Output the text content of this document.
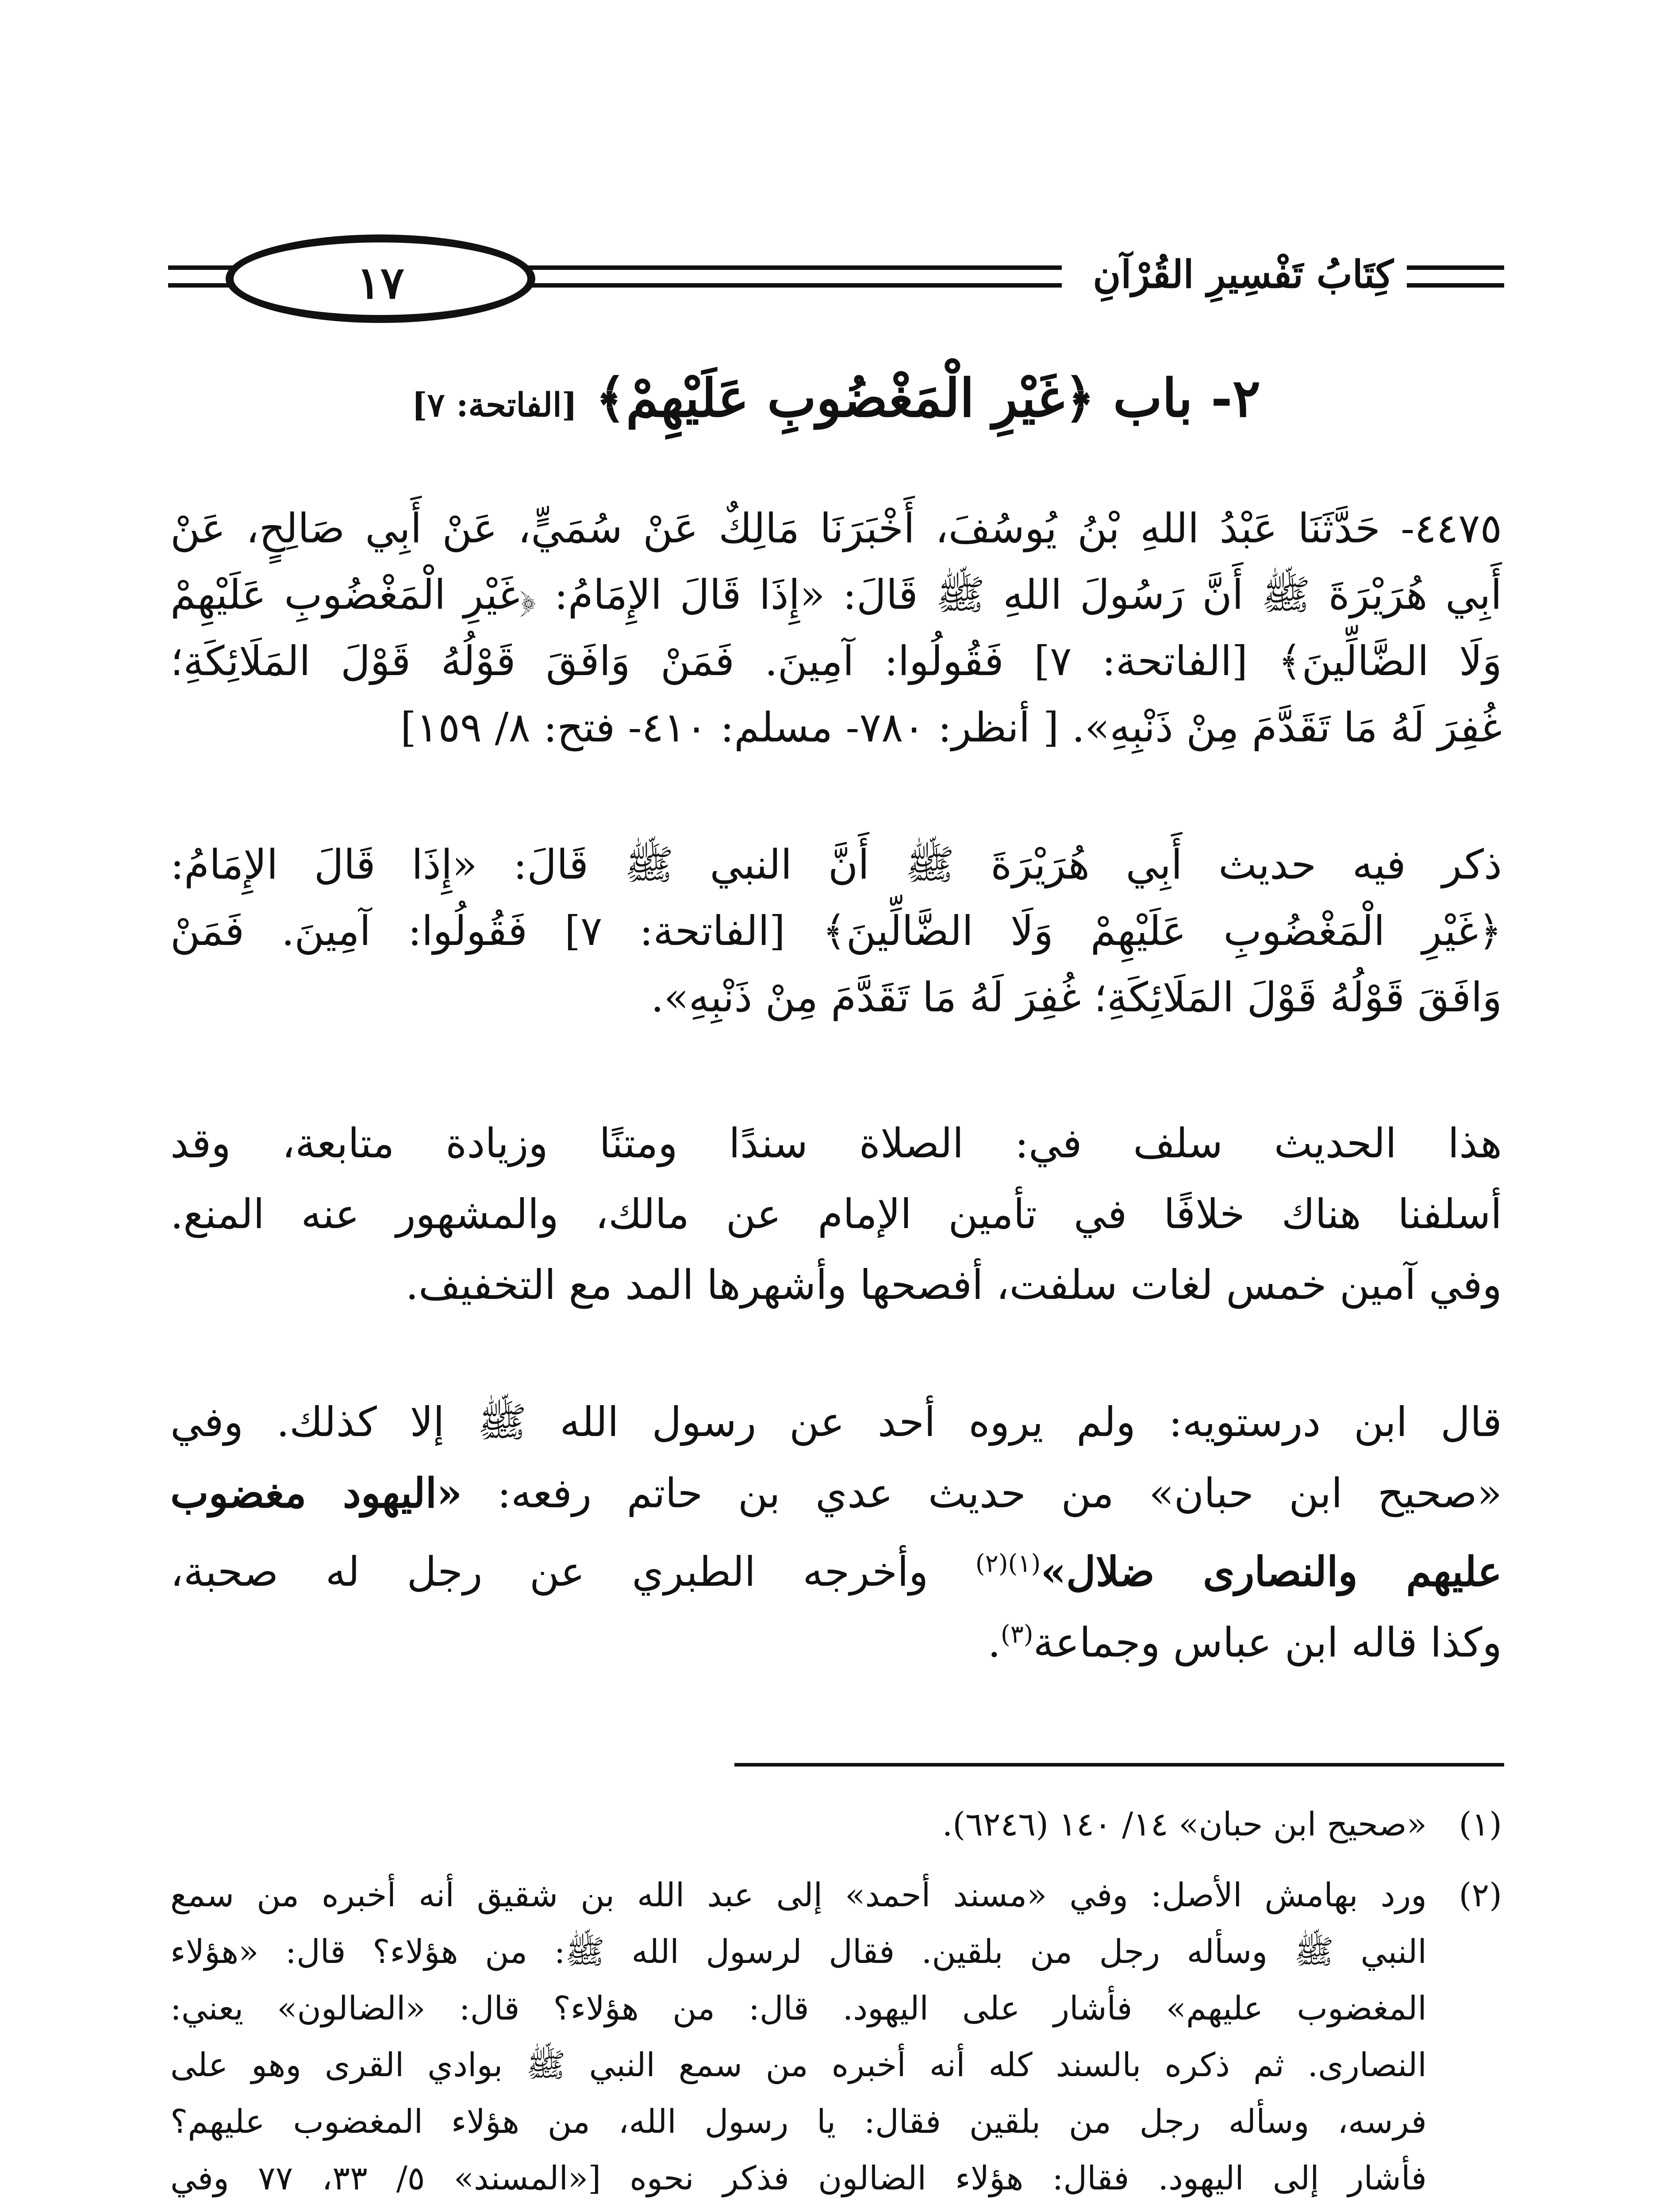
كِتَابُ تَفْسِيرِ القُرْآنِ
١٧
٢- باب ﴿غَيْرِ الْمَغْضُوبِ عَلَيْهِمْ﴾ [الفاتحة: ٧]
٤٤٧٥- حَدَّثَنَا عَبْدُ اللهِ بْنُ يُوسُفَ، أَخْبَرَنَا مَالِكٌ عَنْ سُمَيٍّ، عَنْ أَبِي صَالِحٍ، عَنْ
أَبِي هُرَيْرَةَ ﷺ أَنَّ رَسُولَ اللهِ ﷺ قَالَ: «إِذَا قَالَ الإِمَامُ: ﴿غَيْرِ الْمَغْضُوبِ عَلَيْهِمْ
وَلَا الضَّالِّينَ﴾ [الفاتحة: ٧] فَقُولُوا: آمِينَ. فَمَنْ وَافَقَ قَوْلُهُ قَوْلَ المَلَائِكَةِ؛
غُفِرَ لَهُ مَا تَقَدَّمَ مِنْ ذَنْبِهِ». [ أنظر: ٧٨٠- مسلم: ٤١٠- فتح: ٨/ ١٥٩]
ذكر فيه حديث أَبِي هُرَيْرَةَ ﷺ أَنَّ النبي ﷺ قَالَ: «إِذَا قَالَ الإِمَامُ:
﴿غَيْرِ الْمَغْضُوبِ عَلَيْهِمْ وَلَا الضَّالِّينَ﴾ [الفاتحة: ٧] فَقُولُوا: آمِينَ. فَمَنْ
وَافَقَ قَوْلُهُ قَوْلَ المَلَائِكَةِ؛ غُفِرَ لَهُ مَا تَقَدَّمَ مِنْ ذَنْبِهِ».
هذا الحديث سلف في: الصلاة سندًا ومتنًا وزيادة متابعة، وقد
أسلفنا هناك خلافًا في تأمين الإمام عن مالك، والمشهور عنه المنع.
وفي آمين خمس لغات سلفت، أفصحها وأشهرها المد مع التخفيف.
قال ابن درستويه: ولم يروه أحد عن رسول الله ﷺ إلا كذلك. وفي
«صحيح ابن حبان» من حديث عدي بن حاتم رفعه: «اليهود مغضوب
عليهم والنصارى ضلال»$^{(١)(٢)}$ وأخرجه الطبري عن رجل له صحبة،
وكذا قاله ابن عباس وجماعة$^{(٣)}$.
(١)
«صحيح ابن حبان» ١٤/ ١٤٠ (٦٢٤٦).
(٢)
ورد بهامش الأصل: وفي «مسند أحمد» إلى عبد الله بن شقيق أنه أخبره من سمع
النبي ﷺ وسأله رجل من بلقين. فقال لرسول الله ﷺ: من هؤلاء؟ قال: «هؤلاء
المغضوب عليهم» فأشار على اليهود. قال: من هؤلاء؟ قال: «الضالون» يعني:
النصارى. ثم ذكره بالسند كله أنه أخبره من سمع النبي ﷺ بوادي القرى وهو على
فرسه، وسأله رجل من بلقين فقال: يا رسول الله، من هؤلاء المغضوب عليهم؟
فأشار إلى اليهود. فقال: هؤلاء الضالون فذكر نحوه [«المسند» ٥/ ٣٣، ٧٧ وفي
